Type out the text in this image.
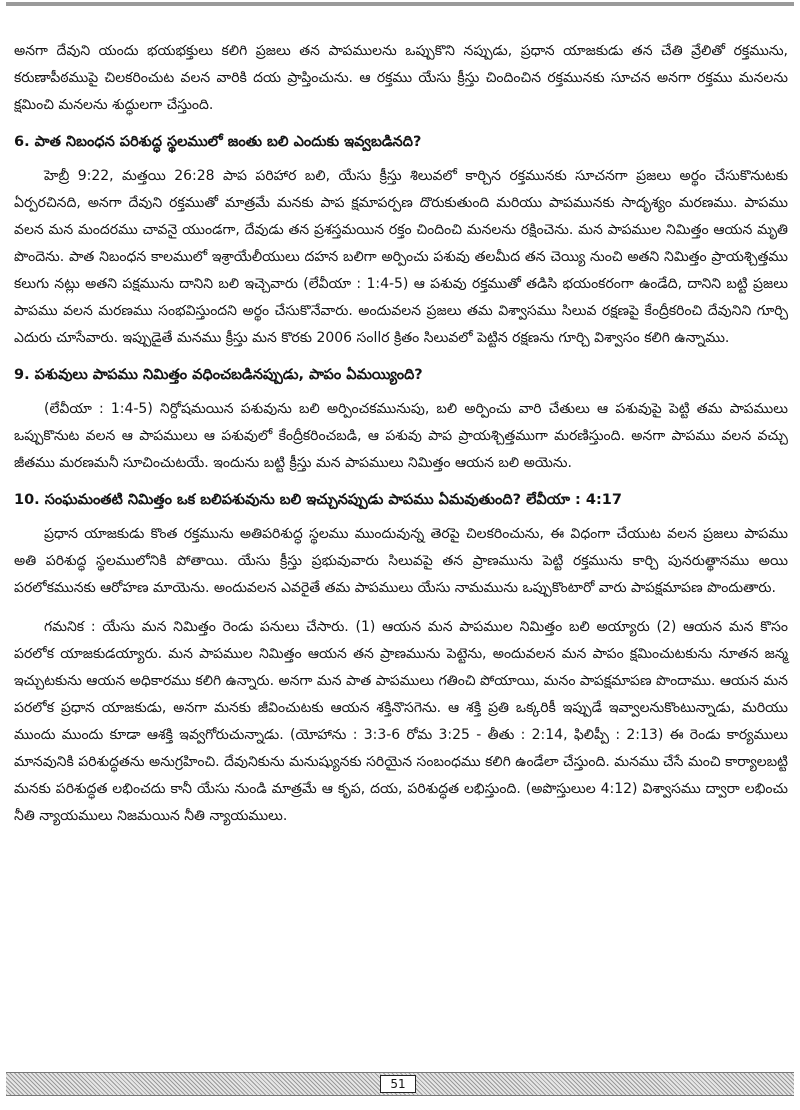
అనగా దేవుని యందు భయభక్తులు కలిగి ప్రజలు తన పాపములను ఒప్పుకొని నప్పుడు, ప్రధాన యాజకుడు తన చేతి వ్రేలితో రక్తమును, కరుణాపీఠముపై చిలకరించుట వలన వారికి దయ ప్రాప్తించును. ఆ రక్తము యేసు క్రీస్తు చిందించిన రక్తమునకు సూచన అనగా రక్తము మనలను క్షమించి మనలను శుద్ధులగా చేస్తుంది.

6. పాత నిబంధన పరిశుద్ధ స్థలములో జంతు బలి ఎందుకు ఇవ్వబడినది?

హెబ్రీ 9:22, మత్తయి 26:28 పాప పరిహార బలి, యేసు క్రీస్తు శిలువలో కార్చిన రక్తమునకు సూచనగా ప్రజలు అర్థం చేసుకొనుటకు ఏర్పరచినది, అనగా దేవుని రక్తముతో మాత్రమే మనకు పాప క్షమాపర్పణ దొరుకుతుంది మరియు పాపమునకు సాదృశ్యం మరణము. పాపము వలన మన మందరము చావనై యుండగా, దేవుడు తన ప్రశస్తమయిన రక్తం చిందించి మనలను రక్షించెను. మన పాపముల నిమిత్తం ఆయన మృతి పొందెను. పాత నిబంధన కాలములో ఇశ్రాయేలీయులు దహన బలిగా అర్పించు పశువు తలమీద తన చెయ్యి నుంచి అతని నిమిత్తం ప్రాయశ్చిత్తము కలుగు నట్లు అతని పక్షమును దానిని బలి ఇచ్చెవారు (లేవీయా : 1:4-5) ఆ పశువు రక్తముతో తడిసి భయంకరంగా ఉండేది, దానిని బట్టి ప్రజలు పాపము వలన మరణము సంభవిస్తుందని అర్థం చేసుకొనేవారు. అందువలన ప్రజలు తమ విశ్వాసము సిలువ రక్షణపై కేంద్రీకరించి దేవునిని గూర్చి ఎదురు చూసేవారు. ఇప్పుడైతే మనము క్రీస్తు మన కొరకు 2006 సంllర క్రితం సిలువలో పెట్టిన రక్షణను గూర్చి విశ్వాసం కలిగి ఉన్నాము.

9. పశువులు పాపము నిమిత్తం వధించబడినప్పుడు, పాపం ఏమయ్యింది?

(లేవీయా : 1:4-5) నిర్దోషమయిన పశువును బలి అర్పించకమునుపు, బలి అర్పించు వారి చేతులు ఆ పశువుపై పెట్టి తమ పాపములు ఒప్పుకొనుట వలన ఆ పాపములు ఆ పశువులో కేంద్రీకరించబడి, ఆ పశువు పాప ప్రాయశ్చిత్తముగా మరణిస్తుంది. అనగా పాపము వలన వచ్చు జీతము మరణమనీ సూచించుటయే. ఇందును బట్టి క్రీస్తు మన పాపములు నిమిత్తం ఆయన బలి అయెను.

10. సంఘమంతటి నిమిత్తం ఒక బలిపశువును బలి ఇచ్చునప్పుడు పాపము ఏమవుతుంది? లేవీయా : 4:17

ప్రధాన యాజకుడు కొంత రక్తమును అతిపరిశుద్ధ స్థలము ముందువున్న తెరపై చిలకరించును, ఈ విధంగా చేయుట వలన ప్రజలు పాపము అతి పరిశుద్ధ స్థలములోనికి పోతాయి. యేసు క్రీస్తు ప్రభువువారు సిలువపై తన ప్రాణమును పెట్టి రక్తమును కార్చి పునరుత్థానము అయి పరలోకమునకు ఆరోహణ మాయెను. అందువలన ఎవరైతే తమ పాపములు యేసు నామమును ఒప్పుకొంటారో వారు పాపక్షమాపణ పొందుతారు.

గమనిక : యేసు మన నిమిత్తం రెండు పనులు చేసారు. (1) ఆయన మన పాపముల నిమిత్తం బలి అయ్యారు (2) ఆయన మన కొసం పరలోక యాజకుడయ్యారు. మన పాపముల నిమిత్తం ఆయన తన ప్రాణమును పెట్టెను, అందువలన మన పాపం క్షమించుటకును నూతన జన్మ ఇచ్చుటకును ఆయన అధికారము కలిగి ఉన్నారు. అనగా మన పాత పాపములు గతించి పోయాయి, మనం పాపక్షమాపణ పొందాము. ఆయన మన పరలోక ప్రధాన యాజకుడు, అనగా మనకు జీవించుటకు ఆయన శక్తినొసగెను. ఆ శక్తి ప్రతి ఒక్కరికీ ఇప్పుడే ఇవ్వాలనుకొంటున్నాడు, మరియు ముందు ముందు కూడా ఆశక్తి ఇవ్వగోరుచున్నాడు. (యోహాను : 3:3-6 రోమ 3:25 - తీతు : 2:14, ఫిలిప్పీ : 2:13) ఈ రెండు కార్యములు మానవునికి పరిశుద్ధతను అనుగ్రహించి. దేవునికును మనుష్యునకు సరియైన సంబంధము కలిగి ఉండేలా చేస్తుంది. మనము చేసే మంచి కార్యాలబట్టి మనకు పరిశుద్ధత లభించదు కానీ యేసు నుండి మాత్రమే ఆ కృప, దయ, పరిశుద్ధత లభిస్తుంది. (అపొస్తులుల 4:12) విశ్వాసము ద్వారా లభించు నీతి న్యాయములు నిజమయిన నీతి న్యాయములు.

51
